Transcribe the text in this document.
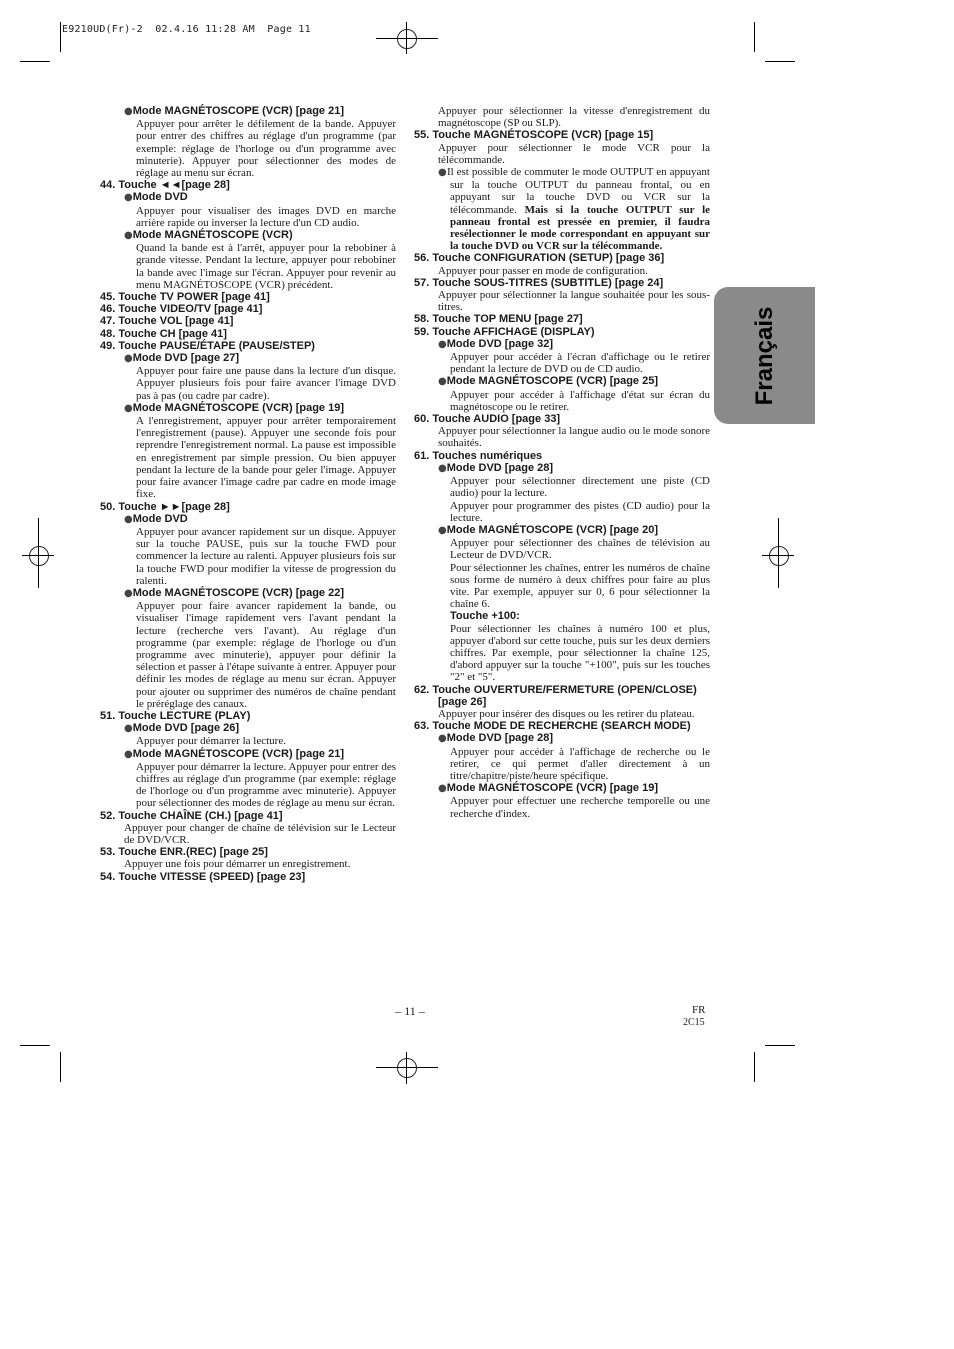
E9210UD(Fr)-2  02.4.16 11:28 AM  Page 11
Français

●Mode MAGNÉTOSCOPE (VCR) [page 21]

Appuyer pour arrêter le défilement de la bande. Appuyer pour entrer des chiffres au réglage d'un programme (par exemple: réglage de l'horloge ou d'un programme avec minuterie). Appuyer pour sélectionner des modes de réglage au menu sur écran.

44. Touche ◄◄[page 28]

●Mode DVD

Appuyer pour visualiser des images DVD en marche arrière rapide ou inverser la lecture d'un CD audio.

●Mode MAGNÉTOSCOPE (VCR)

Quand la bande est à l'arrêt, appuyer pour la rebobiner à grande vitesse. Pendant la lecture, appuyer pour rebobiner la bande avec l'image sur l'écran. Appuyer pour revenir au menu MAGNÉTOSCOPE (VCR) précédent.

45. Touche TV POWER [page 41]

46. Touche VIDEO/TV [page 41]

47. Touche VOL [page 41]

48. Touche CH [page 41]

49. Touche PAUSE/ÉTAPE (PAUSE/STEP)

●Mode DVD [page 27]

Appuyer pour faire une pause dans la lecture d'un disque. Appuyer plusieurs fois pour faire avancer l'image DVD pas à pas (ou cadre par cadre).

●Mode MAGNÉTOSCOPE (VCR) [page 19]

A l'enregistrement, appuyer pour arrêter temporairement l'enregistrement (pause). Appuyer une seconde fois pour reprendre l'enregistrement normal. La pause est impossible en enregistrement par simple pression. Ou bien appuyer pendant la lecture de la bande pour geler l'image. Appuyer pour faire avancer l'image cadre par cadre en mode image fixe.

50. Touche ►►[page 28]

●Mode DVD

Appuyer pour avancer rapidement sur un disque. Appuyer sur la touche PAUSE, puis sur la touche FWD pour commencer la lecture au ralenti. Appuyer plusieurs fois sur la touche FWD pour modifier la vitesse de progression du ralenti.

●Mode MAGNÉTOSCOPE (VCR) [page 22]

Appuyer pour faire avancer rapidement la bande, ou visualiser l'image rapidement vers l'avant pendant la lecture (recherche vers l'avant). Au réglage d'un programme (par exemple: réglage de l'horloge ou d'un programme avec minuterie), appuyer pour définir la sélection et passer à l'étape suivante à entrer. Appuyer pour définir les modes de réglage au menu sur écran. Appuyer pour ajouter ou supprimer des numéros de chaîne pendant le préréglage des canaux.

51. Touche LECTURE (PLAY)

●Mode DVD [page 26]

Appuyer pour démarrer la lecture.

●Mode MAGNÉTOSCOPE (VCR) [page 21]

Appuyer pour démarrer la lecture. Appuyer pour entrer des chiffres au réglage d'un programme (par exemple: réglage de l'horloge ou d'un programme avec minuterie). Appuyer pour sélectionner des modes de réglage au menu sur écran.

52. Touche CHAÎNE (CH.) [page 41]

Appuyer pour changer de chaîne de télévision sur le Lecteur de DVD/VCR.

53. Touche ENR.(REC) [page 25]

Appuyer une fois pour démarrer un enregistrement.

54. Touche VITESSE (SPEED) [page 23]

Appuyer pour sélectionner la vitesse d'enregistrement du magnétoscope (SP ou SLP).

55. Touche MAGNÉTOSCOPE (VCR) [page 15]

Appuyer pour sélectionner le mode VCR pour la télécommande.

●Il est possible de commuter le mode OUTPUT en appuyant sur la touche OUTPUT du panneau frontal, ou en appuyant sur la touche DVD ou VCR sur la télécommande. Mais si la touche OUTPUT sur le panneau frontal est pressée en premier, il faudra resélectionner le mode correspondant en appuyant sur la touche DVD ou VCR sur la télécommande.

56. Touche CONFIGURATION (SETUP) [page 36]

Appuyer pour passer en mode de configuration.

57. Touche SOUS-TITRES (SUBTITLE) [page 24]

Appuyer pour sélectionner la langue souhaitée pour les sous-titres.

58. Touche TOP MENU [page 27]

59. Touche AFFICHAGE (DISPLAY)

●Mode DVD [page 32]

Appuyer pour accéder à l'écran d'affichage ou le retirer pendant la lecture de DVD ou de CD audio.

●Mode MAGNÉTOSCOPE (VCR) [page 25]

Appuyer pour accéder à l'affichage d'état sur écran du magnétoscope ou le retirer.

60. Touche AUDIO [page 33]

Appuyer pour sélectionner la langue audio ou le mode sonore souhaités.

61. Touches numériques

●Mode DVD [page 28]

Appuyer pour sélectionner directement une piste (CD audio) pour la lecture.

Appuyer pour programmer des pistes (CD audio) pour la lecture.

●Mode MAGNÉTOSCOPE (VCR) [page 20]

Appuyer pour sélectionner des chaînes de télévision au Lecteur de DVD/VCR.

Pour sélectionner les chaînes, entrer les numéros de chaîne sous forme de numéro à deux chiffres pour faire au plus vite. Par exemple, appuyer sur 0, 6 pour sélectionner la chaîne 6.

Touche +100:

Pour sélectionner les chaînes à numéro 100 et plus, appuyer d'abord sur cette touche, puis sur les deux derniers chiffres. Par exemple, pour sélectionner la chaîne 125, d'abord appuyer sur la touche "+100", puis sur les touches "2" et "5".

62. Touche OUVERTURE/FERMETURE (OPEN/CLOSE) [page 26]

Appuyer pour insérer des disques ou les retirer du plateau.

63. Touche MODE DE RECHERCHE (SEARCH MODE)

●Mode DVD [page 28]

Appuyer pour accéder à l'affichage de recherche ou le retirer, ce qui permet d'aller directement à un titre/chapitre/piste/heure spécifique.

●Mode MAGNÉTOSCOPE (VCR) [page 19]

Appuyer pour effectuer une recherche temporelle ou une recherche d'index.

– 11 –	FR
2C15
